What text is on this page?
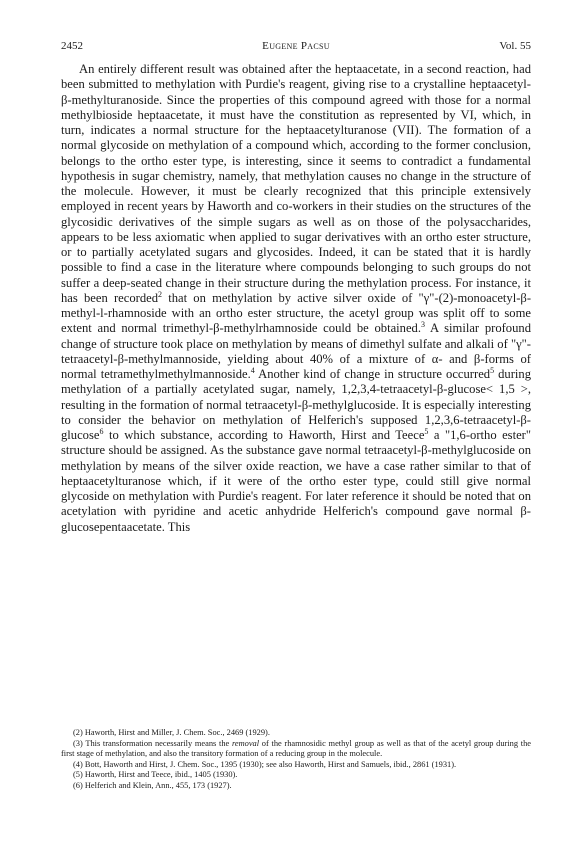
2452	Eugene Pacsu	Vol. 55

An entirely different result was obtained after the heptaacetate, in a second reaction, had been submitted to methylation with Purdie's reagent, giving rise to a crystalline heptaacetyl-β-methylturanoside. Since the properties of this compound agreed with those for a normal methylbioside heptaacetate, it must have the constitution as represented by VI, which, in turn, indicates a normal structure for the heptaacetylturanose (VII). The formation of a normal glycoside on methylation of a compound which, according to the former conclusion, belongs to the ortho ester type, is interesting, since it seems to contradict a fundamental hypothesis in sugar chemistry, namely, that methylation causes no change in the structure of the molecule. However, it must be clearly recognized that this principle extensively employed in recent years by Haworth and co-workers in their studies on the structures of the glycosidic derivatives of the simple sugars as well as on those of the polysaccharides, appears to be less axiomatic when applied to sugar derivatives with an ortho ester structure, or to partially acetylated sugars and glycosides. Indeed, it can be stated that it is hardly possible to find a case in the literature where compounds belonging to such groups do not suffer a deep-seated change in their structure during the methylation process. For instance, it has been recorded$^2$ that on methylation by active silver oxide of "γ"-(2)-monoacetyl-β-methyl-l-rhamnoside with an ortho ester structure, the acetyl group was split off to some extent and normal trimethyl-β-methylrhamnoside could be obtained.$^3$ A similar profound change of structure took place on methylation by means of dimethyl sulfate and alkali of "γ"-tetraacetyl-β-methylmannoside, yielding about 40% of a mixture of α- and β-forms of normal tetramethylmethylmannoside.$^4$ Another kind of change in structure occurred$^5$ during methylation of a partially acetylated sugar, namely, 1,2,3,4-tetraacetyl-β-glucose< 1,5 >, resulting in the formation of normal tetraacetyl-β-methylglucoside. It is especially interesting to consider the behavior on methylation of Helferich's supposed 1,2,3,6-tetraacetyl-β-glucose$^6$ to which substance, according to Haworth, Hirst and Teece$^5$ a "1,6-ortho ester" structure should be assigned. As the substance gave normal tetraacetyl-β-methylglucoside on methylation by means of the silver oxide reaction, we have a case rather similar to that of heptaacetylturanose which, if it were of the ortho ester type, could still give normal glycoside on methylation with Purdie's reagent. For later reference it should be noted that on acetylation with pyridine and acetic anhydride Helferich's compound gave normal β-glucosepentaacetate. This

(2) Haworth, Hirst and Miller, J. Chem. Soc., 2469 (1929).

(3) This transformation necessarily means the removal of the rhamnosidic methyl group as well as that of the acetyl group during the first stage of methylation, and also the transitory formation of a reducing group in the molecule.

(4) Bott, Haworth and Hirst, J. Chem. Soc., 1395 (1930); see also Haworth, Hirst and Samuels, ibid., 2861 (1931).

(5) Haworth, Hirst and Teece, ibid., 1405 (1930).

(6) Helferich and Klein, Ann., 455, 173 (1927).
